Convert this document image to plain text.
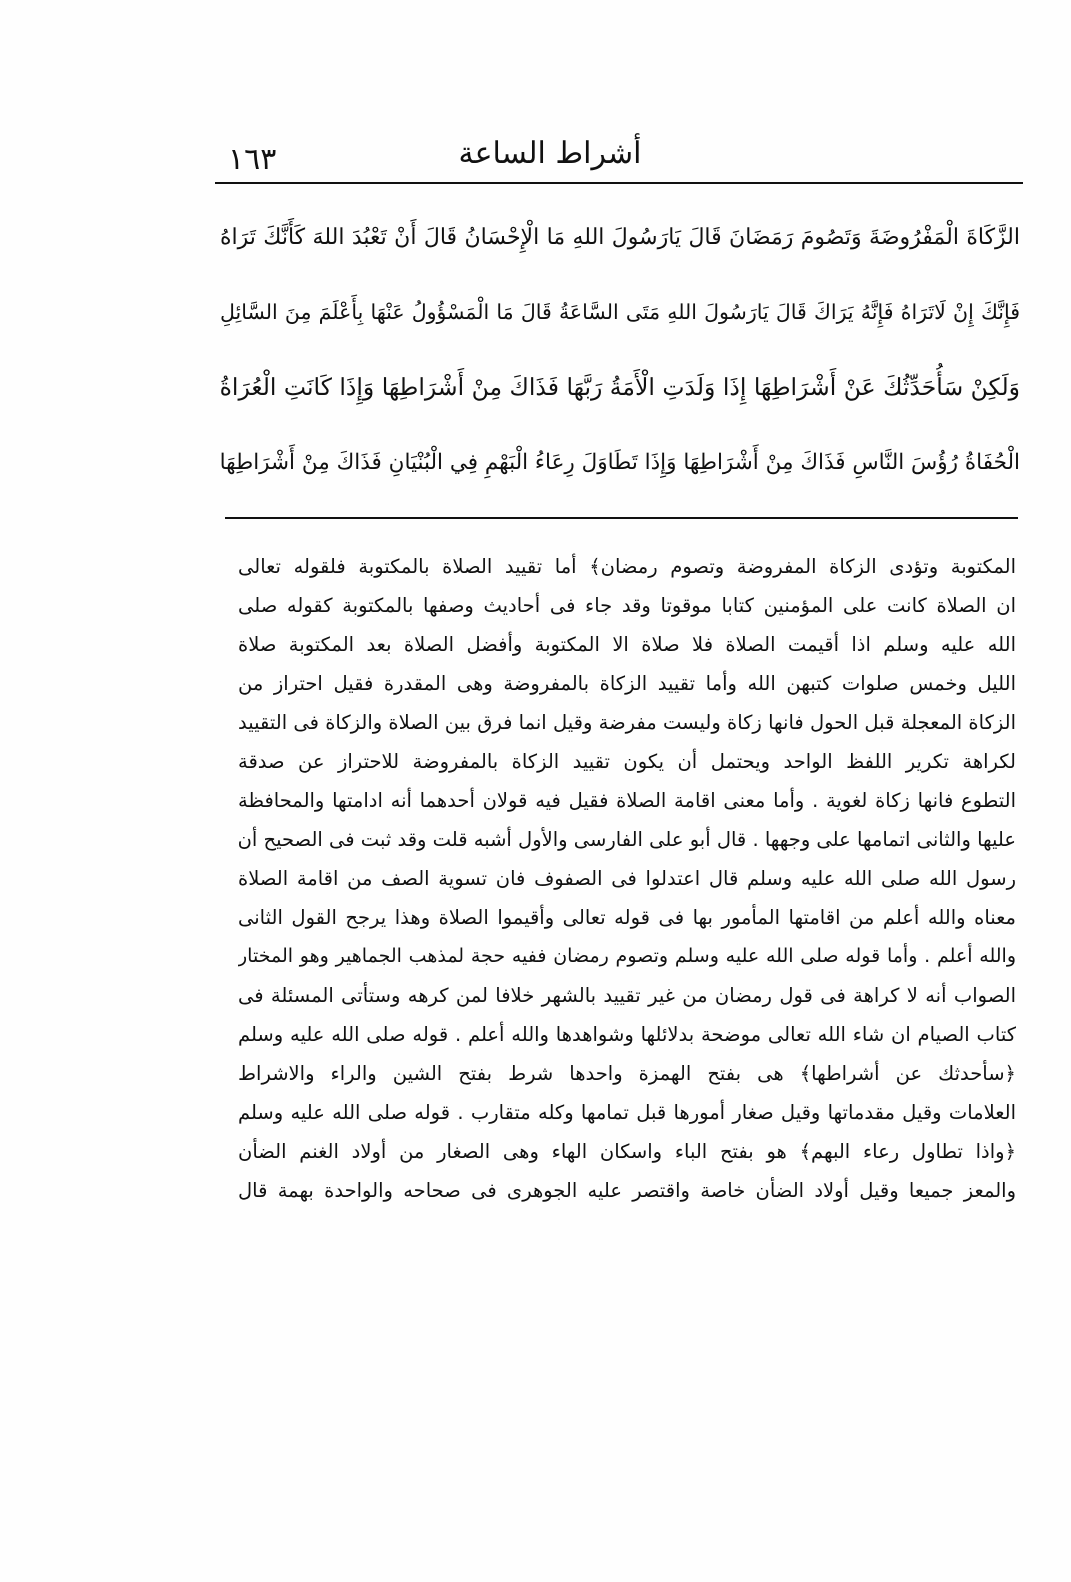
١٦٣	أشراط الساعة
الزَّكَاةَ الْمَفْرُوضَةَ وَتَصُومَ رَمَضَانَ قَالَ يَارَسُولَ اللهِ مَا الْإِحْسَانُ قَالَ أَنْ تَعْبُدَ اللهَ كَأَنَّكَ تَرَاهُ
فَإِنَّكَ إِنْ لَاتَرَاهُ فَإِنَّهُ يَرَاكَ قَالَ يَارَسُولَ اللهِ مَتَى السَّاعَةُ قَالَ مَا الْمَسْؤُولُ عَنْهَا بِأَعْلَمَ مِنَ السَّائِلِ
وَلَكِنْ سَأُحَدِّثُكَ عَنْ أَشْرَاطِهَا إِذَا وَلَدَتِ الْأَمَةُ رَبَّهَا فَذَاكَ مِنْ أَشْرَاطِهَا وَإِذَا كَانَتِ الْعُرَاةُ
الْحُفَاةُ رُؤُسَ النَّاسِ فَذَاكَ مِنْ أَشْرَاطِهَا وَإِذَا تَطَاوَلَ رِعَاءُ الْبَهْمِ فِي الْبُنْيَانِ فَذَاكَ مِنْ أَشْرَاطِهَا
المكتوبة وتؤدى الزكاة المفروضة وتصوم رمضان﴾ أما تقييد الصلاة بالمكتوبة فلقوله تعالى
ان الصلاة كانت على المؤمنين كتابا موقوتا وقد جاء فى أحاديث وصفها بالمكتوبة كقوله صلى
الله عليه وسلم اذا أقيمت الصلاة فلا صلاة الا المكتوبة وأفضل الصلاة بعد المكتوبة صلاة
الليل وخمس صلوات كتبهن الله وأما تقييد الزكاة بالمفروضة وهى المقدرة فقيل احتراز من
الزكاة المعجلة قبل الحول فانها زكاة وليست مفرضة وقيل انما فرق بين الصلاة والزكاة فى التقييد
لكراهة تكرير اللفظ الواحد ويحتمل أن يكون تقييد الزكاة بالمفروضة للاحتراز عن صدقة
التطوع فانها زكاة لغوية . وأما معنى اقامة الصلاة فقيل فيه قولان أحدهما أنه ادامتها والمحافظة
عليها والثانى اتمامها على وجهها . قال أبو على الفارسى والأول أشبه قلت وقد ثبت فى الصحيح أن
رسول الله صلى الله عليه وسلم قال اعتدلوا فى الصفوف فان تسوية الصف من اقامة الصلاة
معناه والله أعلم من اقامتها المأمور بها فى قوله تعالى وأقيموا الصلاة وهذا يرجح القول الثانى
والله أعلم . وأما قوله صلى الله عليه وسلم وتصوم رمضان ففيه حجة لمذهب الجماهير وهو المختار
الصواب أنه لا كراهة فى قول رمضان من غير تقييد بالشهر خلافا لمن كرهه وستأتى المسئلة فى
كتاب الصيام ان شاء الله تعالى موضحة بدلائلها وشواهدها والله أعلم . قوله صلى الله عليه وسلم
﴿سأحدثك عن أشراطها﴾ هى بفتح الهمزة واحدها شرط بفتح الشين والراء والاشراط
العلامات وقيل مقدماتها وقيل صغار أمورها قبل تمامها وكله متقارب . قوله صلى الله عليه وسلم
﴿واذا تطاول رعاء البهم﴾ هو بفتح الباء واسكان الهاء وهى الصغار من أولاد الغنم الضأن
والمعز جميعا وقيل أولاد الضأن خاصة واقتصر عليه الجوهرى فى صحاحه والواحدة بهمة قال
